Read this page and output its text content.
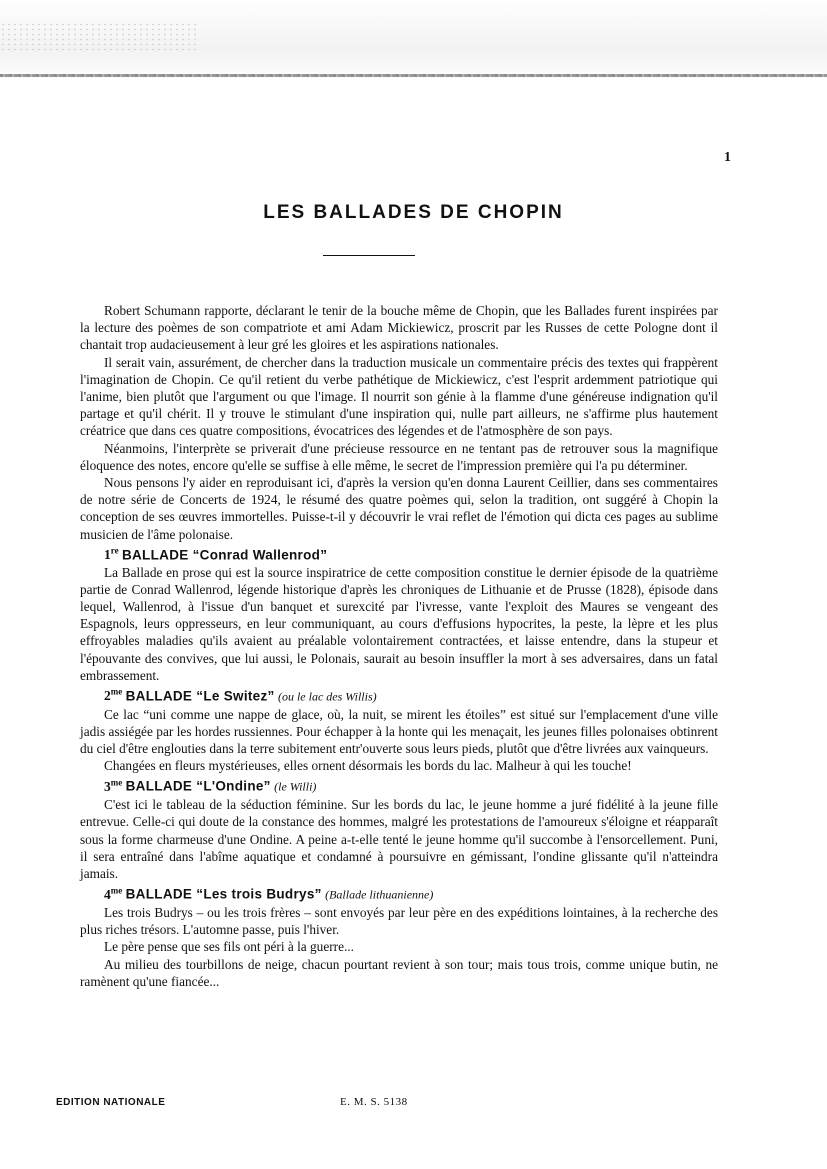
1
LES BALLADES DE CHOPIN

Robert Schumann rapporte, déclarant le tenir de la bouche même de Chopin, que les Ballades furent inspirées par la lecture des poèmes de son compatriote et ami Adam Mickiewicz, proscrit par les Russes de cette Pologne dont il chantait trop audacieusement à leur gré les gloires et les aspirations nationales.

Il serait vain, assurément, de chercher dans la traduction musicale un commentaire précis des textes qui frappèrent l'imagination de Chopin. Ce qu'il retient du verbe pathétique de Mickiewicz, c'est l'esprit ardemment patriotique qui l'anime, bien plutôt que l'argument ou que l'image. Il nourrit son génie à la flamme d'une généreuse indignation qu'il partage et qu'il chérit. Il y trouve le stimulant d'une inspiration qui, nulle part ailleurs, ne s'affirme plus hautement créatrice que dans ces quatre compositions, évocatrices des légendes et de l'atmosphère de son pays.

Néanmoins, l'interprète se priverait d'une précieuse ressource en ne tentant pas de retrouver sous la magnifique éloquence des notes, encore qu'elle se suffise à elle même, le secret de l'impression première qui l'a pu déterminer.

Nous pensons l'y aider en reproduisant ici, d'après la version qu'en donna Laurent Ceillier, dans ses commentaires de notre série de Concerts de 1924, le résumé des quatre poèmes qui, selon la tradition, ont suggéré à Chopin la conception de ses œuvres immortelles. Puisse-t-il y découvrir le vrai reflet de l'émotion qui dicta ces pages au sublime musicien de l'âme polonaise.

1re BALLADE “Conrad Wallenrod”

La Ballade en prose qui est la source inspiratrice de cette composition constitue le dernier épisode de la quatrième partie de Conrad Wallenrod, légende historique d'après les chroniques de Lithuanie et de Prusse (1828), épisode dans lequel, Wallenrod, à l'issue d'un banquet et surexcité par l'ivresse, vante l'exploit des Maures se vengeant des Espagnols, leurs oppresseurs, en leur communiquant, au cours d'effusions hypocrites, la peste, la lèpre et les plus effroyables maladies qu'ils avaient au préalable volontairement contractées, et laisse entendre, dans la stupeur et l'épouvante des convives, que lui aussi, le Polonais, saurait au besoin insuffler la mort à ses adversaires, dans un fatal embrassement.

$2^{me}$ BALLADE “Le Switez” (ou le lac des Willis)

Ce lac “uni comme une nappe de glace, où, la nuit, se mirent les étoiles” est situé sur l'emplacement d'une ville jadis assiégée par les hordes russiennes. Pour échapper à la honte qui les menaçait, les jeunes filles polonaises obtinrent du ciel d'être englouties dans la terre subitement entr'ouverte sous leurs pieds, plutôt que d'être livrées aux vainqueurs.

Changées en fleurs mystérieuses, elles ornent désormais les bords du lac. Malheur à qui les touche!

$3^{me}$ BALLADE “L'Ondine” (le Willi)

C'est ici le tableau de la séduction féminine. Sur les bords du lac, le jeune homme a juré fidélité à la jeune fille entrevue. Celle-ci qui doute de la constance des hommes, malgré les protestations de l'amoureux s'éloigne et réapparaît sous la forme charmeuse d'une Ondine. A peine a-t-elle tenté le jeune homme qu'il succombe à l'ensorcellement. Puni, il sera entraîné dans l'abîme aquatique et condamné à poursuivre en gémissant, l'ondine glissante qu'il n'atteindra jamais.

$4^{me}$ BALLADE “Les trois Budrys” (Ballade lithuanienne)

Les trois Budrys – ou les trois frères – sont envoyés par leur père en des expéditions lointaines, à la recherche des plus riches trésors. L'automne passe, puis l'hiver.

Le père pense que ses fils ont péri à la guerre...

Au milieu des tourbillons de neige, chacun pourtant revient à son tour; mais tous trois, comme unique butin, ne ramènent qu'une fiancée...

EDITION NATIONALE	E. M. S. 5138
